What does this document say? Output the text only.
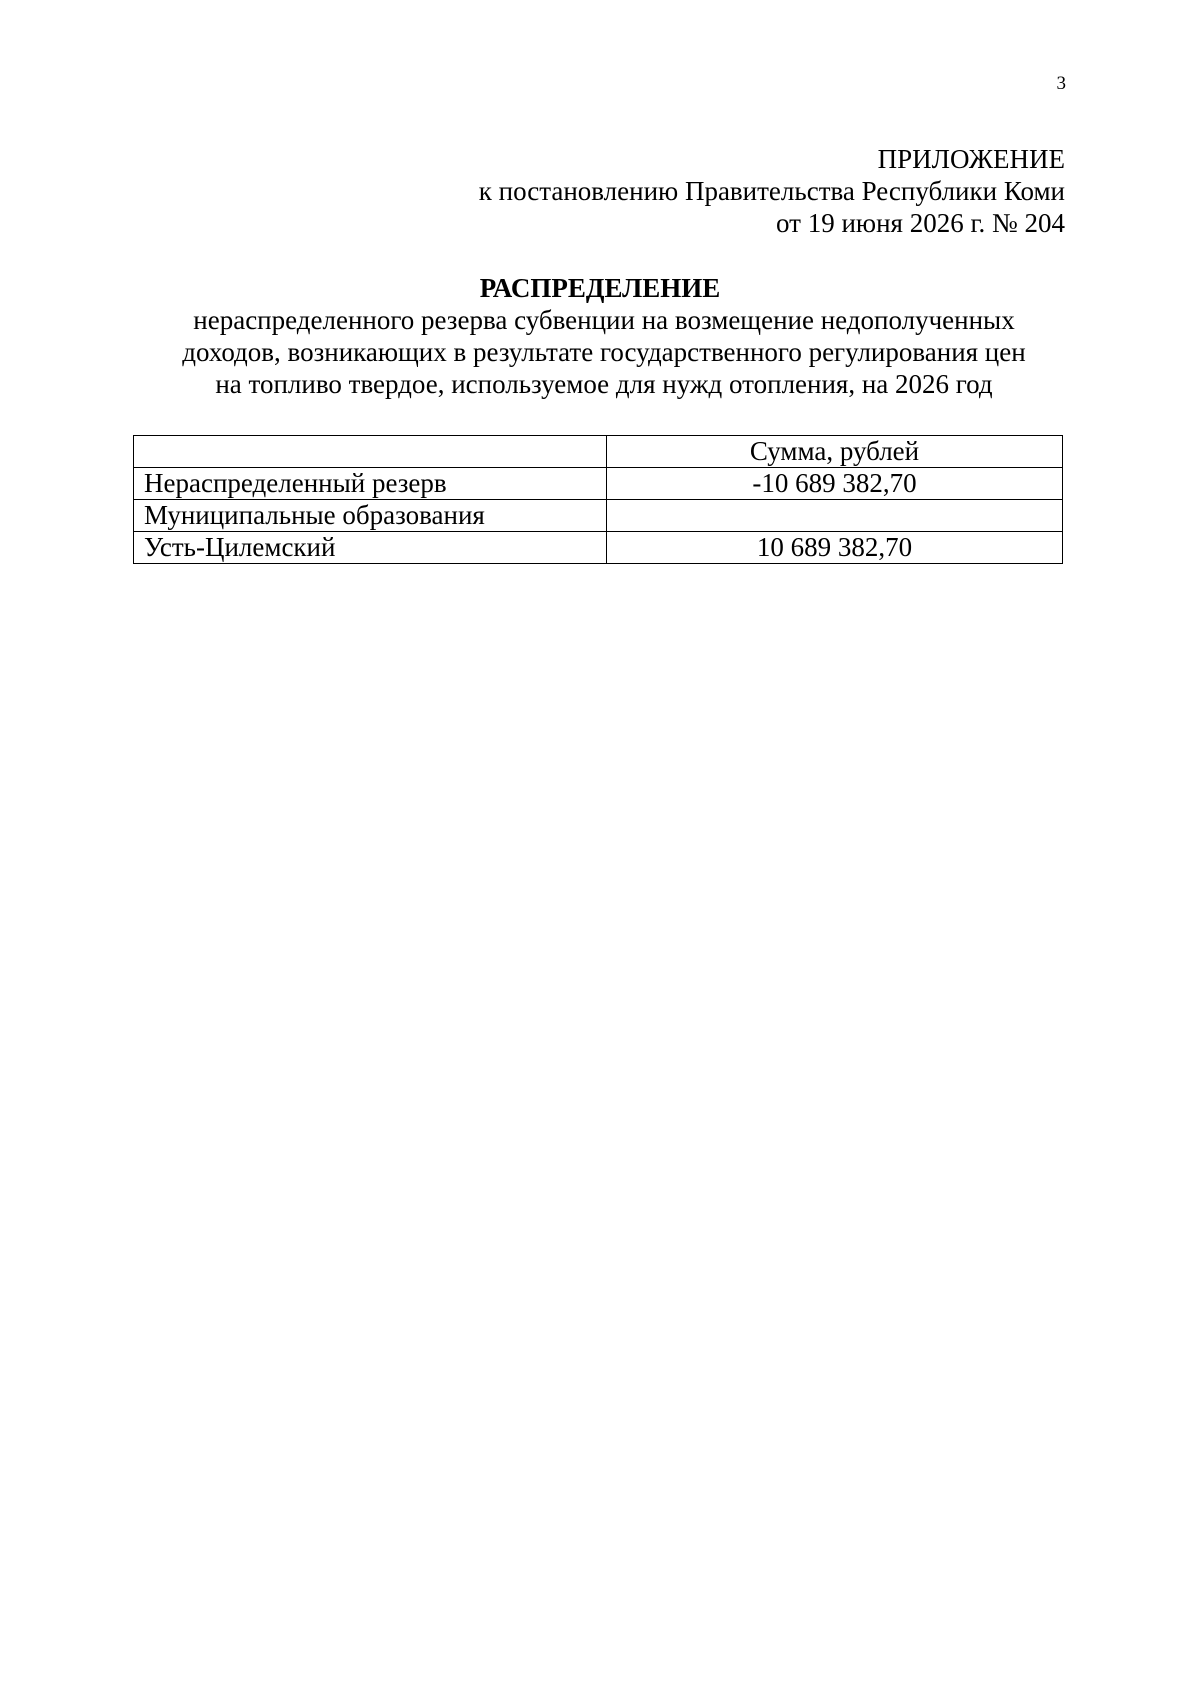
3
ПРИЛОЖЕНИЕ
к постановлению Правительства Республики Коми
от 19 июня 2026 г. № 204
РАСПРЕДЕЛЕНИЕ
нераспределенного резерва субвенции на возмещение недополученных
доходов, возникающих в результате государственного регулирования цен
на топливо твердое, используемое для нужд отопления, на 2026 год
	Сумма, рублей
Нераспределенный резерв	-10 689 382,70
Муниципальные образования	
Усть-Цилемский	10 689 382,70
